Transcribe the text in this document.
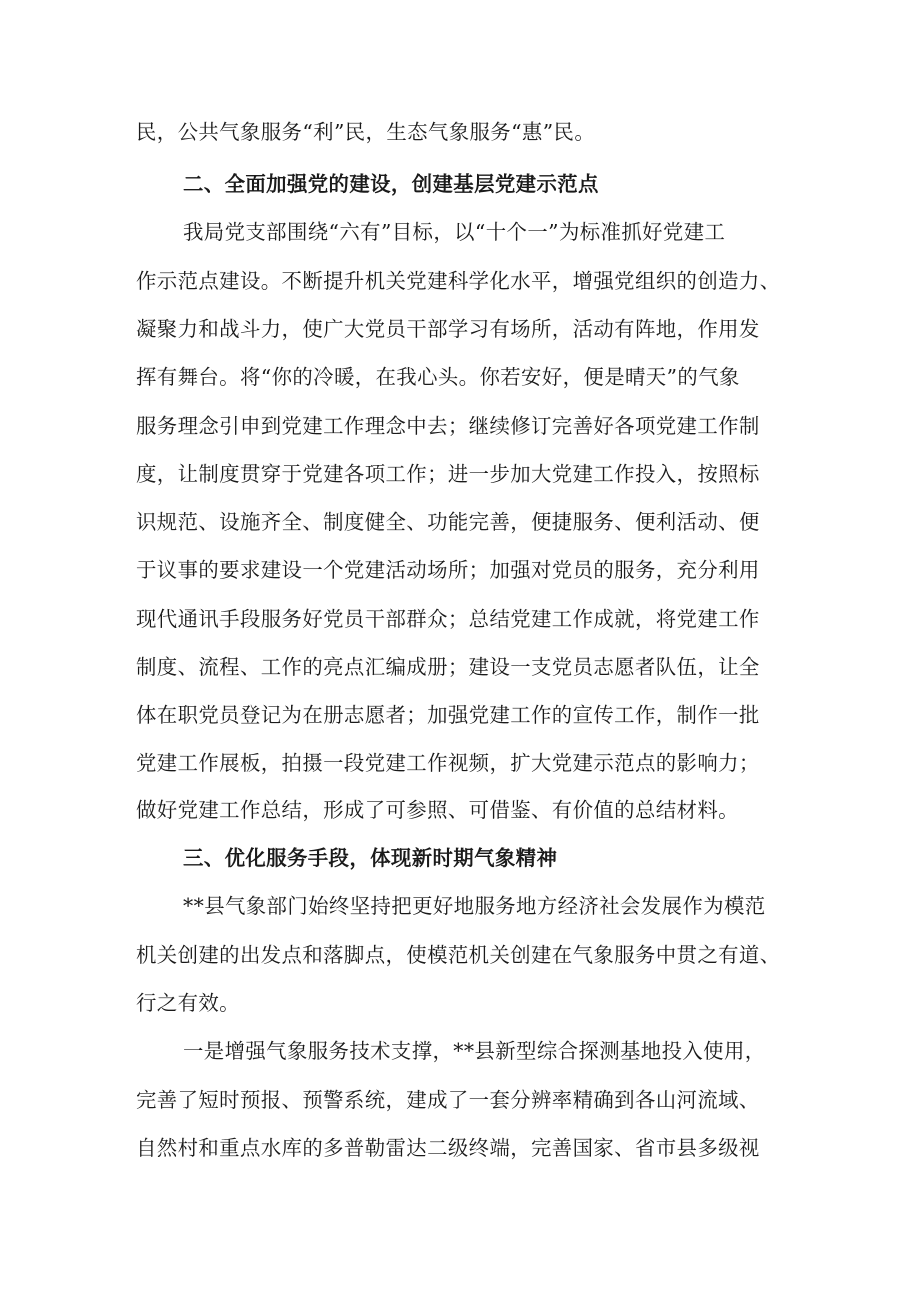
民，公共气象服务“利”民，生态气象服务“惠”民。
二、全面加强党的建设，创建基层党建示范点
我局党支部围绕“六有”目标，以“十个一”为标准抓好党建工
作示范点建设。不断提升机关党建科学化水平，增强党组织的创造力、
凝聚力和战斗力，使广大党员干部学习有场所，活动有阵地，作用发
挥有舞台。将“你的冷暖，在我心头。你若安好，便是晴天”的气象
服务理念引申到党建工作理念中去；继续修订完善好各项党建工作制
度，让制度贯穿于党建各项工作；进一步加大党建工作投入，按照标
识规范、设施齐全、制度健全、功能完善，便捷服务、便利活动、便
于议事的要求建设一个党建活动场所；加强对党员的服务，充分利用
现代通讯手段服务好党员干部群众；总结党建工作成就，将党建工作
制度、流程、工作的亮点汇编成册；建设一支党员志愿者队伍，让全
体在职党员登记为在册志愿者；加强党建工作的宣传工作，制作一批
党建工作展板，拍摄一段党建工作视频，扩大党建示范点的影响力；
做好党建工作总结，形成了可参照、可借鉴、有价值的总结材料。
三、优化服务手段，体现新时期气象精神
**县气象部门始终坚持把更好地服务地方经济社会发展作为模范
机关创建的出发点和落脚点，使模范机关创建在气象服务中贯之有道、
行之有效。
一是增强气象服务技术支撑，**县新型综合探测基地投入使用，
完善了短时预报、预警系统，建成了一套分辨率精确到各山河流域、
自然村和重点水库的多普勒雷达二级终端，完善国家、省市县多级视
